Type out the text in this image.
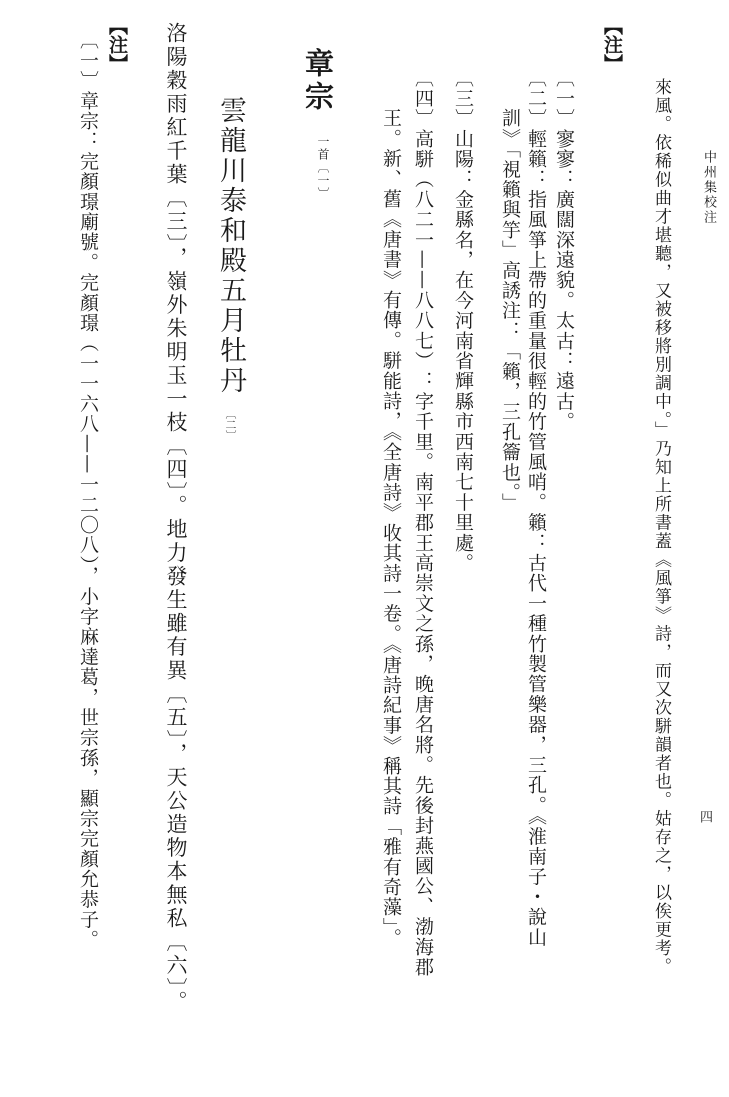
中州集校注
四
來風。依稀似曲才堪聽，又被移將別調中。」乃知上所書蓋《風箏》詩，而又次駢韻者也。姑存之，以俟更考。
【注】
〔一〕寥寥：廣闊深遠貌。太古：遠古。
〔二〕輕籟：指風箏上帶的重量很輕的竹管風哨。籟：古代一種竹製管樂器，三孔。《淮南子・說山
訓》「視籟與竽」高誘注：「籟，三孔籥也。」
〔三〕山陽：金縣名，在今河南省輝縣市西南七十里處。
〔四〕高駢（八二一——八八七）：字千里。南平郡王高崇文之孫，晚唐名將。先後封燕國公、渤海郡
王。新、舊《唐書》有傳。駢能詩，《全唐詩》收其詩一卷。《唐詩紀事》稱其詩「雅有奇藻」。
章宗
一首〔一〕
雲龍川泰和殿五月牡丹〔二〕
洛陽穀雨紅千葉〔三〕，嶺外朱明玉一枝〔四〕。地力發生雖有異〔五〕，天公造物本無私〔六〕。
【注】
〔一〕章宗：完顏璟廟號。完顏璟（一一六八——一二〇八），小字麻達葛，世宗孫，顯宗完顏允恭子。
